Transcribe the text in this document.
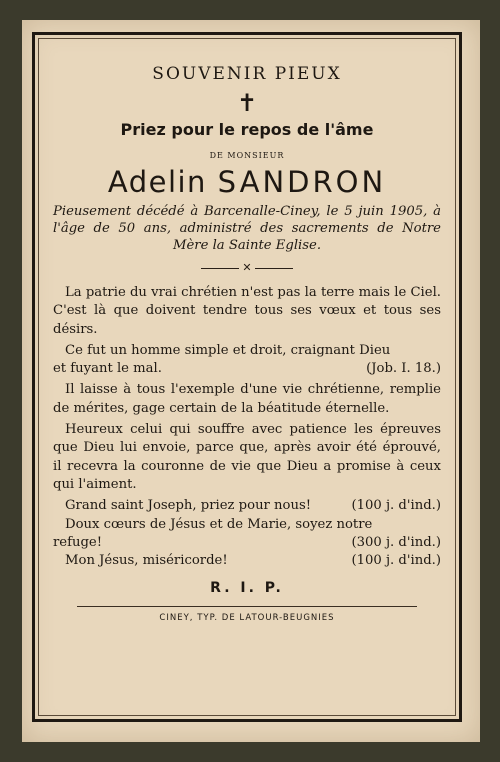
SOUVENIR PIEUX
✝
Priez pour le repos de l'âme
DE MONSIEUR
Adelin SANDRON
Pieusement décédé à Barcenalle-Ciney, le 5 juin 1905, à l'âge de 50 ans, administré des sacrements de Notre Mère la Sainte Eglise.
✕

La patrie du vrai chrétien n'est pas la terre mais le Ciel. C'est là que doivent tendre tous ses vœux et tous ses désirs.

Ce fut un homme simple et droit, craignant Dieu

et fuyant le mal.	(Job. I. 18.)

Il laisse à tous l'exemple d'une vie chrétienne, remplie de mérites, gage certain de la béatitude éternelle.

Heureux celui qui souffre avec patience les épreuves que Dieu lui envoie, parce que, après avoir été éprouvé, il recevra la couronne de vie que Dieu a promise à ceux qui l'aiment.

Grand saint Joseph, priez pour nous!	(100 j. d'ind.)
Doux cœurs de Jésus et de Marie, soyez notre
refuge!	(300 j. d'ind.)
Mon Jésus, miséricorde!	(100 j. d'ind.)
R. I. P.
CINEY, TYP. DE LATOUR-BEUGNIES
